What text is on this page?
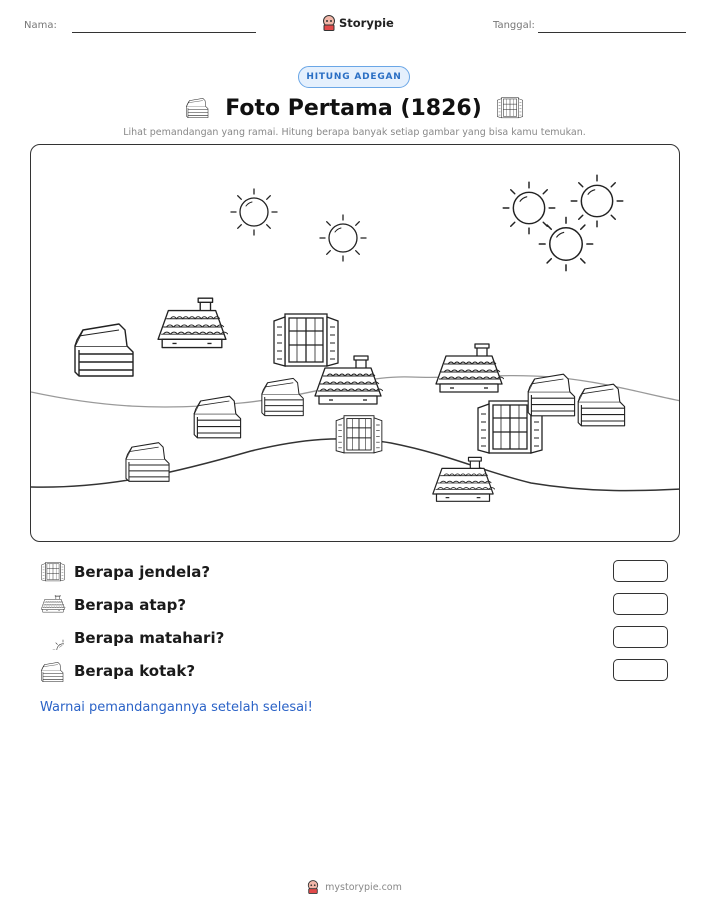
Nama:	Storypie	Tanggal:
HITUNG ADEGAN
Foto Pertama (1826)
Lihat pemandangan yang ramai. Hitung berapa banyak setiap gambar yang bisa kamu temukan.
Berapa jendela?
Berapa atap?
Berapa matahari?
Berapa kotak?
Warnai pemandangannya setelah selesai!
mystorypie.com
